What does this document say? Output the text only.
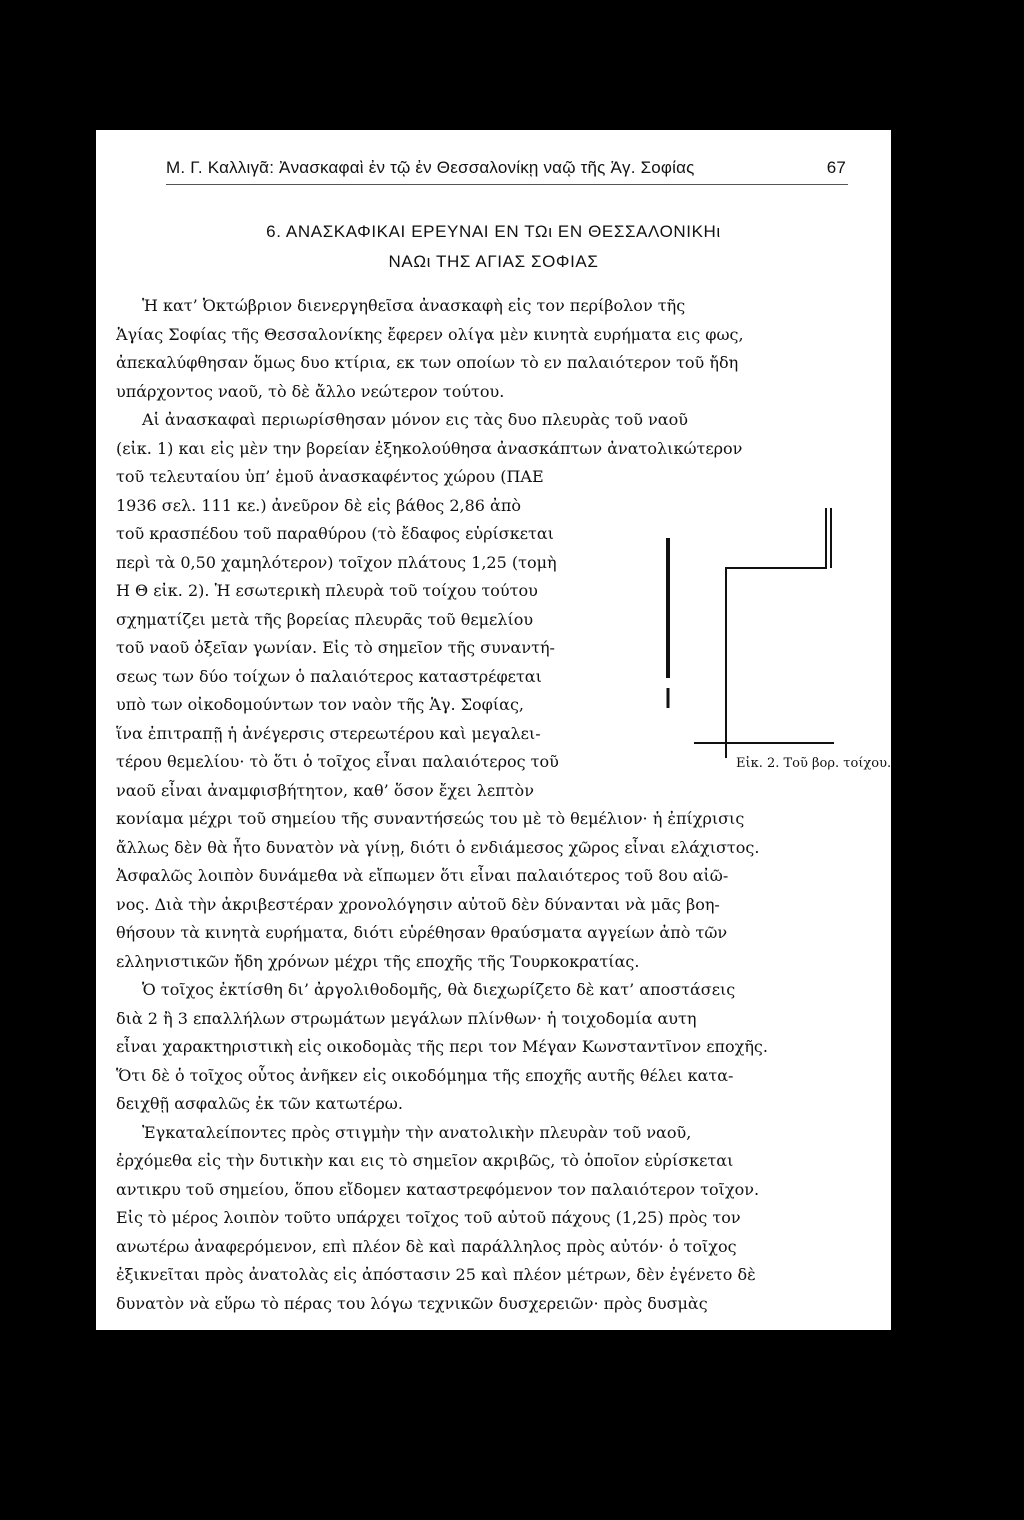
M. Γ. Καλλιγᾶ: Ἀνασκαφαὶ ἐν τῷ ἐν Θεσσαλονίκῃ ναῷ τῆς Ἁγ. Σοφίας	67
6. ΑΝΑΣΚΑΦΙΚΑΙ ΕΡΕΥΝΑΙ ΕΝ ΤΩι ΕΝ ΘΕΣΣΑΛΟΝΙΚΗι
ΝΑΩι ΤΗΣ ΑΓΙΑΣ ΣΟΦΙΑΣ
Ἡ κατ’ Ὀκτώβριον διενεργηθεῖσα ἀνασκαφὴ εἰς τον περίβολον τῆς
Ἁγίας Σοφίας τῆς Θεσσαλονίκης ἔφερεν ολίγα μὲν κινητὰ ευρήματα εις φως,
ἀπεκαλύφθησαν ὅμως δυο κτίρια, εκ των οποίων τὸ εν παλαιότερον τοῦ ἤδη
υπάρχοντος ναοῦ, τὸ δὲ ἄλλο νεώτερον τούτου.
Αἱ ἀνασκαφαὶ περιωρίσθησαν μόνον εις τὰς δυο πλευρὰς τοῦ ναοῦ
(εἰκ. 1) και εἰς μὲν την βορείαν ἐξηκολούθησα ἀνασκάπτων ἀνατολικώτερον
τοῦ τελευταίου ὑπ’ ἐμοῦ ἀνασκαφέντος χώρου (ΠΑΕ
1936 σελ. 111 κε.) ἀνεῦρον δὲ εἰς βάθος 2,86 ἀπὸ
τοῦ κρασπέδου τοῦ παραθύρου (τὸ ἔδαφος εὑρίσκεται
περὶ τὰ 0,50 χαμηλότερον) τοῖχον πλάτους 1,25 (τομὴ
Η Θ εἰκ. 2). Ἡ εσωτερικὴ πλευρὰ τοῦ τοίχου τούτου
σχηματίζει μετὰ τῆς βορείας πλευρᾶς τοῦ θεμελίου
τοῦ ναοῦ ὀξεῖαν γωνίαν. Εἰς τὸ σημεῖον τῆς συναντή-
σεως των δύο τοίχων ὁ παλαιότερος καταστρέφεται
υπὸ των οἰκοδομούντων τον ναὸν τῆς Ἁγ. Σοφίας,
ἵνα ἐπιτραπῇ ἡ ἀνέγερσις στερεωτέρου καὶ μεγαλει-
τέρου θεμελίου· τὸ ὅτι ὁ τοῖχος εἶναι παλαιότερος τοῦ
ναοῦ εἶναι ἀναμφισβήτητον, καθ’ ὅσον ἔχει λεπτὸν
κονίαμα μέχρι τοῦ σημείου τῆς συναντήσεώς του μὲ τὸ θεμέλιον· ἡ ἐπίχρισις
ἄλλως δὲν θὰ ἦτο δυνατὸν νὰ γίνῃ, διότι ὁ ενδιάμεσος χῶρος εἶναι ελάχιστος.
Ἀσφαλῶς λοιπὸν δυνάμεθα νὰ εἴπωμεν ὅτι εἶναι παλαιότερος τοῦ 8ου αἰῶ-
νος. Διὰ τὴν ἀκριβεστέραν χρονολόγησιν αὐτοῦ δὲν δύνανται νὰ μᾶς βοη-
θήσουν τὰ κινητὰ ευρήματα, διότι εὑρέθησαν θραύσματα αγγείων ἀπὸ τῶν
ελληνιστικῶν ἤδη χρόνων μέχρι τῆς εποχῆς τῆς Τουρκοκρατίας.
Ὁ τοῖχος ἐκτίσθη δι’ ἀργολιθοδομῆς, θὰ διεχωρίζετο δὲ κατ’ αποστάσεις
διὰ 2 ἢ 3 επαλλήλων στρωμάτων μεγάλων πλίνθων· ἡ τοιχοδομία αυτη
εἶναι χαρακτηριστικὴ εἰς οικοδομὰς τῆς περι τον Μέγαν Κωνσταντῖνον εποχῆς.
Ὅτι δὲ ὁ τοῖχος οὗτος ἀνῆκεν εἰς οικοδόμημα τῆς εποχῆς αυτῆς θέλει κατα-
δειχθῇ ασφαλῶς ἐκ τῶν κατωτέρω.
Ἐγκαταλείποντες πρὸς στιγμὴν τὴν ανατολικὴν πλευρὰν τοῦ ναοῦ,
ἐρχόμεθα εἰς τὴν δυτικὴν και εις τὸ σημεῖον ακριβῶς, τὸ ὁποῖον εὑρίσκεται
αντικρυ τοῦ σημείου, ὅπου εἴδομεν καταστρεφόμενον τον παλαιότερον τοῖχον.
Εἰς τὸ μέρος λοιπὸν τοῦτο υπάρχει τοῖχος τοῦ αὐτοῦ πάχους (1,25) πρὸς τον
ανωτέρω ἀναφερόμενον, επὶ πλέον δὲ καὶ παράλληλος πρὸς αὐτόν· ὁ τοῖχος
ἐξικνεῖται πρὸς ἀνατολὰς εἰς ἀπόστασιν 25 καὶ πλέον μέτρων, δὲν ἐγένετο δὲ
δυνατὸν νὰ εὕρω τὸ πέρας του λόγω τεχνικῶν δυσχερειῶν· πρὸς δυσμὰς
Εἰκ. 2. Τοῦ βορ. τοίχου.
